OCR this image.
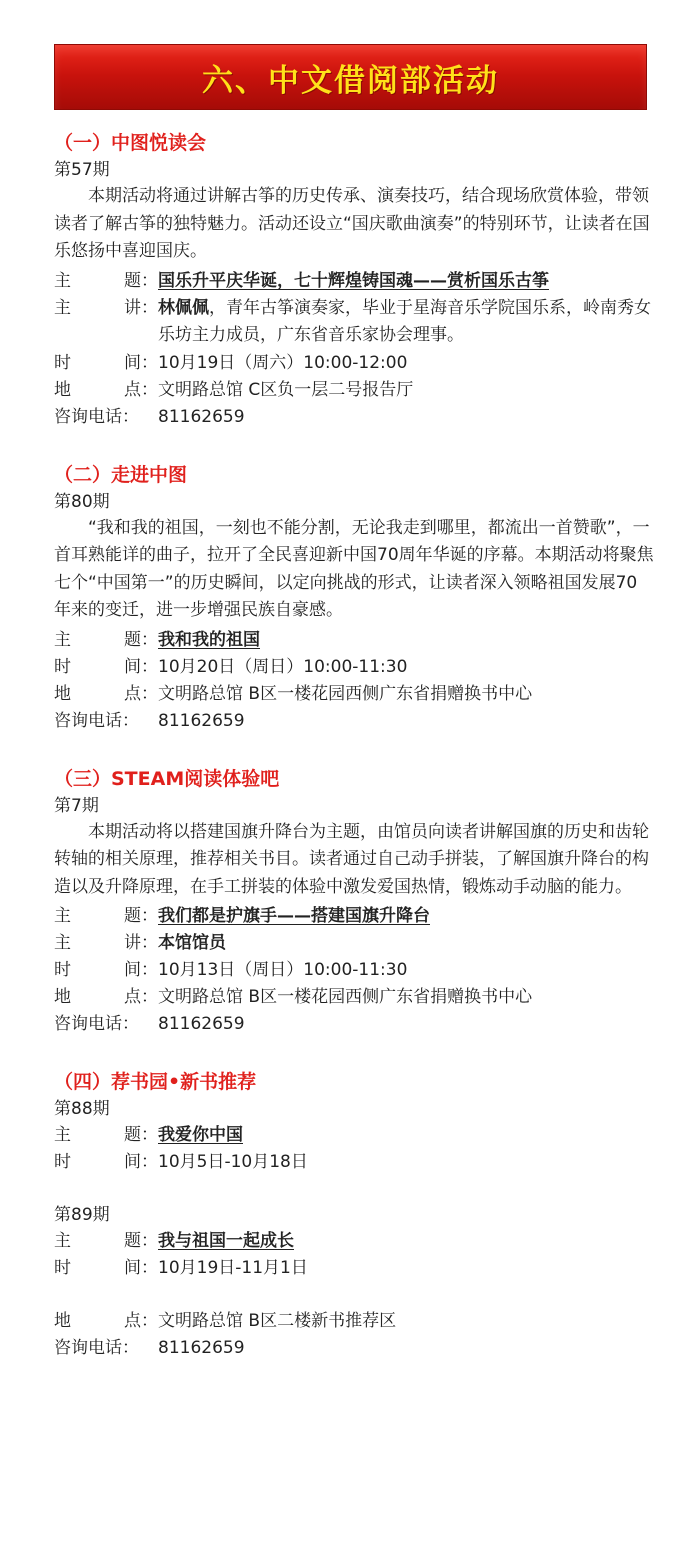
六、中文借阅部活动
（一）中图悦读会
第57期

本期活动将通过讲解古筝的历史传承、演奏技巧，结合现场欣赏体验，带领读者了解古筝的独特魅力。活动还设立“国庆歌曲演奏”的特别环节，让读者在国乐悠扬中喜迎国庆。

主	题： 国乐升平庆华诞，七十辉煌铸国魂——赏析国乐古筝
主	讲： 林佩佩，青年古筝演奏家，毕业于星海音乐学院国乐系，岭南秀女乐坊主力成员，广东省音乐家协会理事。
时	间： 10月19日（周六）10:00-12:00
地	点： 文明路总馆 C区负一层二号报告厅
咨询电话：	81162659
（二）走进中图
第80期

“我和我的祖国，一刻也不能分割，无论我走到哪里，都流出一首赞歌”，一首耳熟能详的曲子，拉开了全民喜迎新中国70周年华诞的序幕。本期活动将聚焦七个“中国第一”的历史瞬间，以定向挑战的形式，让读者深入领略祖国发展70年来的变迁，进一步增强民族自豪感。

主	题： 我和我的祖国
时	间： 10月20日（周日）10:00-11:30
地	点： 文明路总馆 B区一楼花园西侧广东省捐赠换书中心
咨询电话：	81162659
（三）STEAM阅读体验吧
第7期

本期活动将以搭建国旗升降台为主题，由馆员向读者讲解国旗的历史和齿轮转轴的相关原理，推荐相关书目。读者通过自己动手拼装，了解国旗升降台的构造以及升降原理，在手工拼装的体验中激发爱国热情，锻炼动手动脑的能力。

主	题： 我们都是护旗手——搭建国旗升降台
主	讲： 本馆馆员
时	间： 10月13日（周日）10:00-11:30
地	点： 文明路总馆 B区一楼花园西侧广东省捐赠换书中心
咨询电话：	81162659
（四）荐书园•新书推荐
第88期
主	题： 我爱你中国
时	间： 10月5日-10月18日
第89期
主	题： 我与祖国一起成长
时	间： 10月19日-11月1日
地	点： 文明路总馆 B区二楼新书推荐区
咨询电话：	81162659
